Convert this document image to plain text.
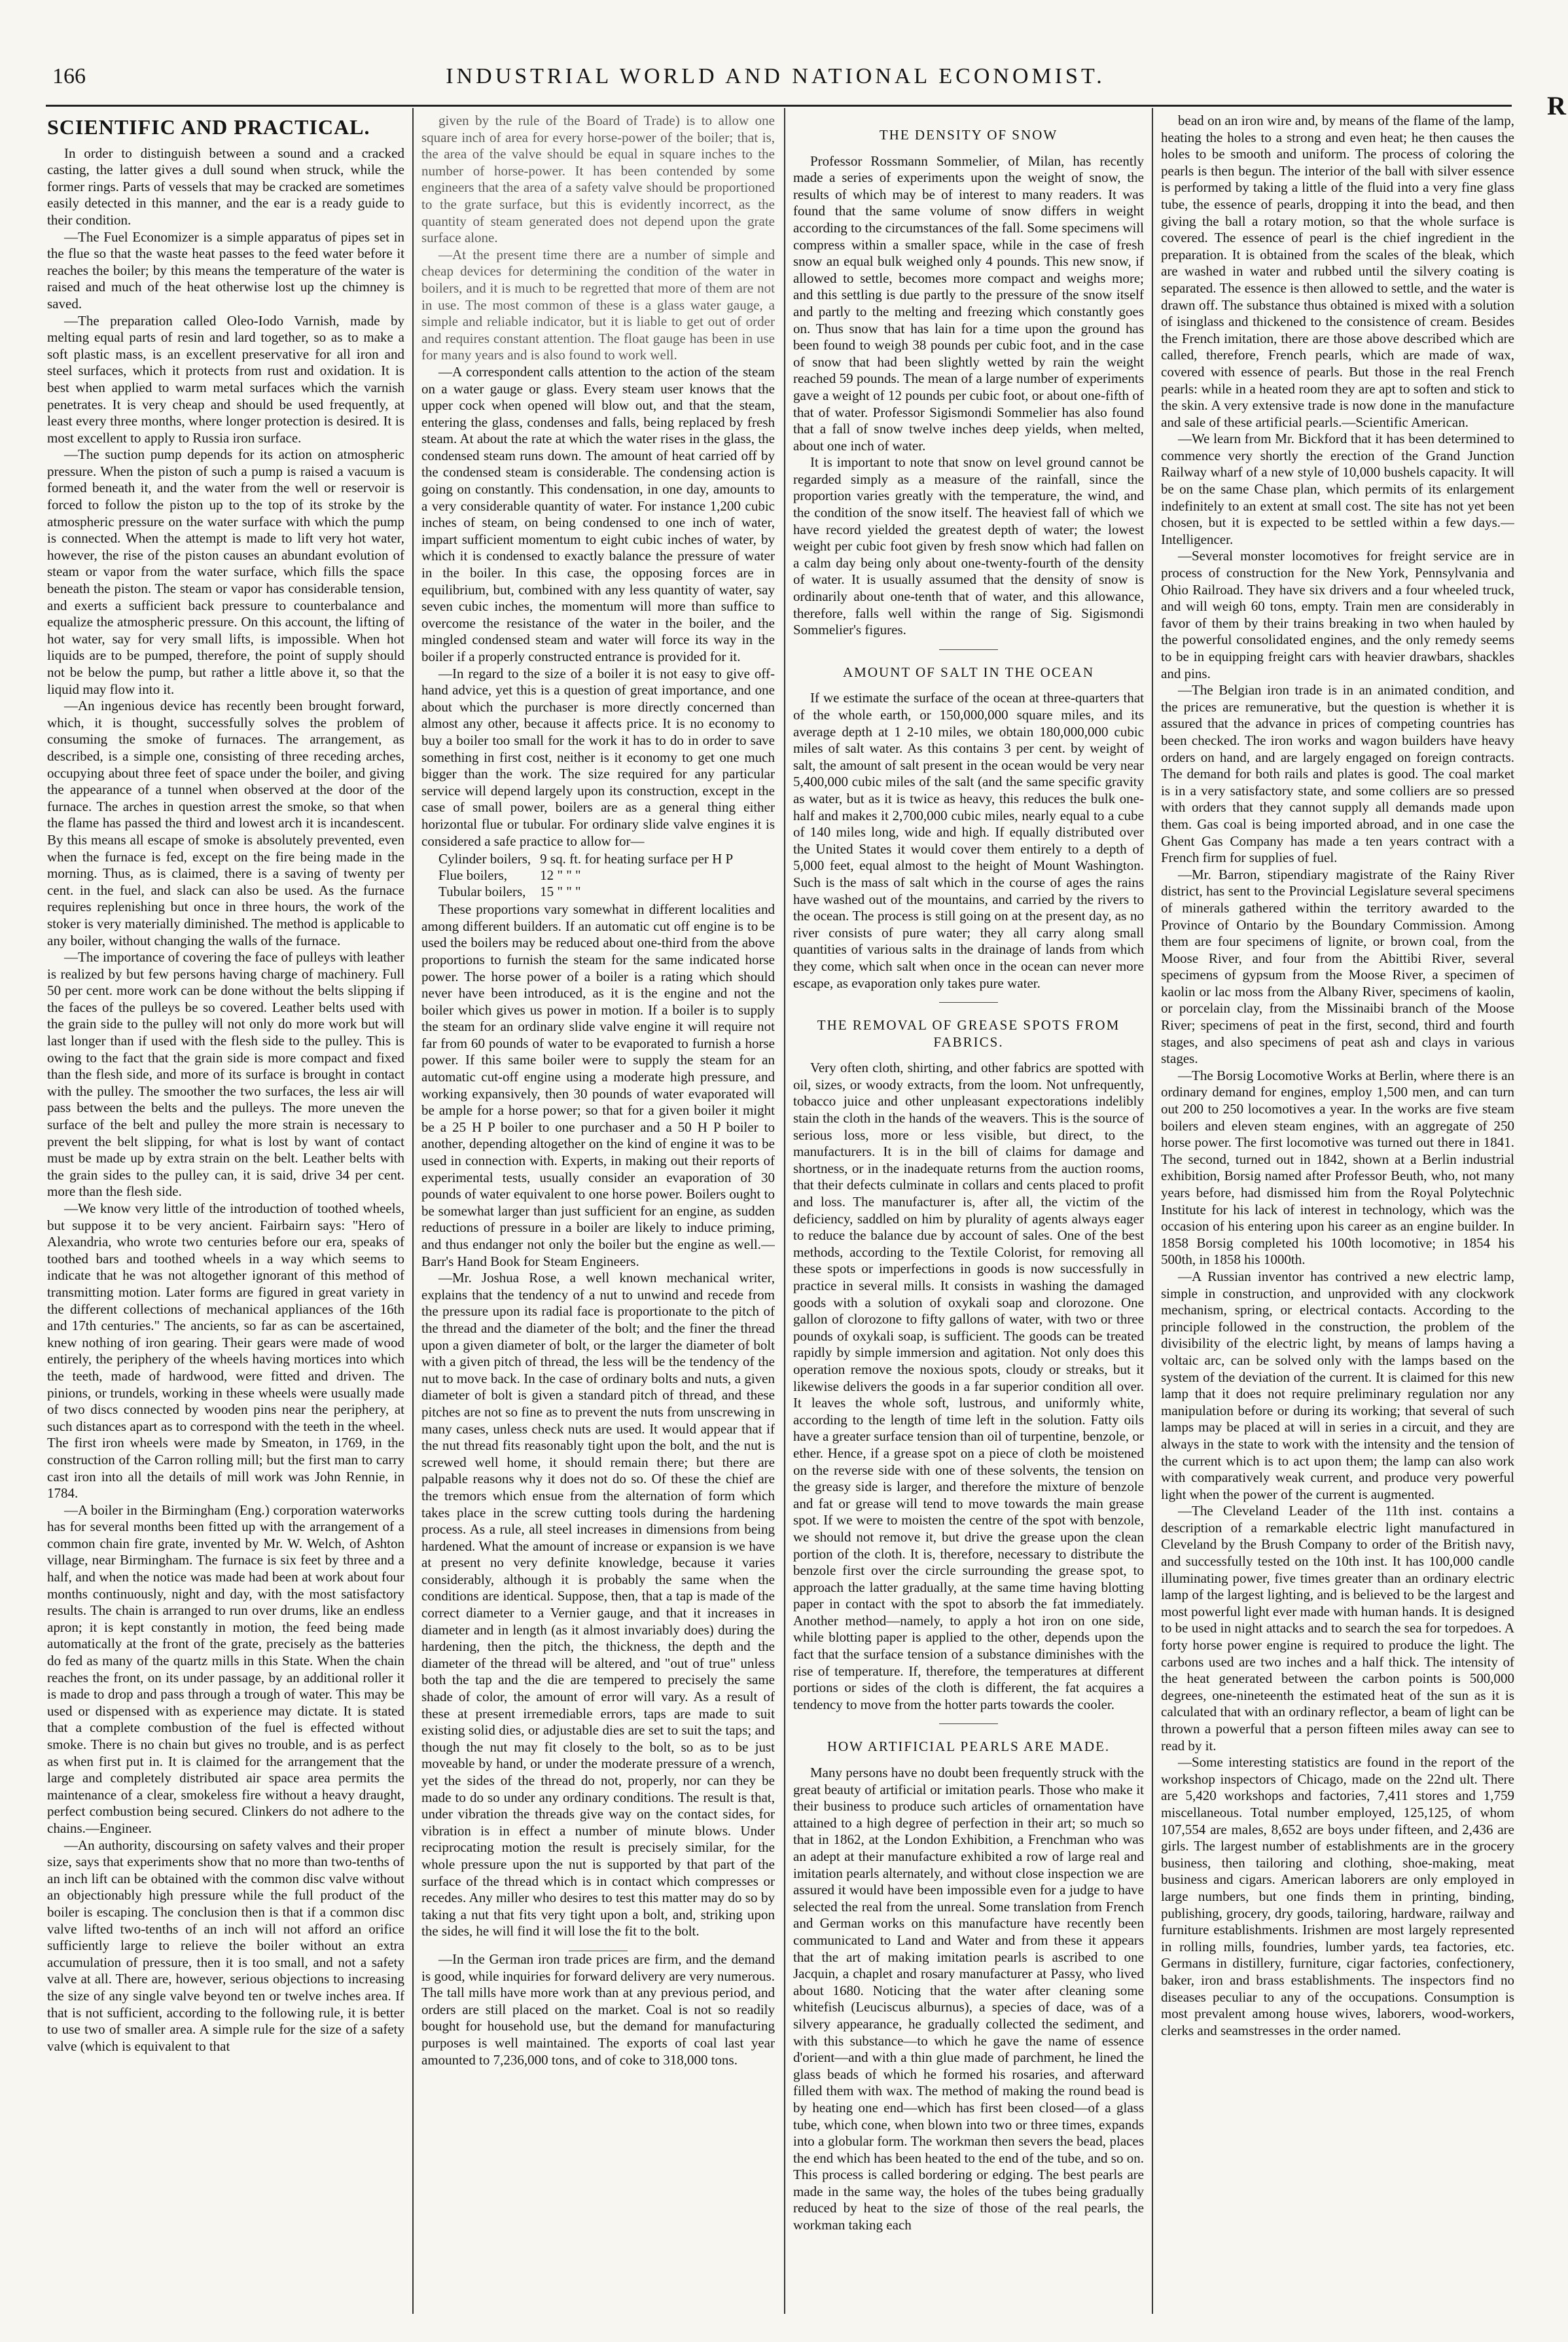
166	INDUSTRIAL WORLD AND NATIONAL ECONOMIST.
R
SCIENTIFIC AND PRACTICAL.

In order to distinguish between a sound and a cracked casting, the latter gives a dull sound when struck, while the former rings. Parts of vessels that may be cracked are sometimes easily detected in this manner, and the ear is a ready guide to their condition.

—The Fuel Economizer is a simple apparatus of pipes set in the flue so that the waste heat passes to the feed water before it reaches the boiler; by this means the temperature of the water is raised and much of the heat otherwise lost up the chimney is saved.

—The preparation called Oleo-Iodo Varnish, made by melting equal parts of resin and lard together, so as to make a soft plastic mass, is an excellent preservative for all iron and steel surfaces, which it protects from rust and oxidation. It is best when applied to warm metal surfaces which the varnish penetrates. It is very cheap and should be used frequently, at least every three months, where longer protection is desired. It is most excellent to apply to Russia iron surface.

—The suction pump depends for its action on atmospheric pressure. When the piston of such a pump is raised a vacuum is formed beneath it, and the water from the well or reservoir is forced to follow the piston up to the top of its stroke by the atmospheric pressure on the water surface with which the pump is connected. When the attempt is made to lift very hot water, however, the rise of the piston causes an abundant evolution of steam or vapor from the water surface, which fills the space beneath the piston. The steam or vapor has considerable tension, and exerts a sufficient back pressure to counterbalance and equalize the atmospheric pressure. On this account, the lifting of hot water, say for very small lifts, is impossible. When hot liquids are to be pumped, therefore, the point of supply should not be below the pump, but rather a little above it, so that the liquid may flow into it.

—An ingenious device has recently been brought forward, which, it is thought, successfully solves the problem of consuming the smoke of furnaces. The arrangement, as described, is a simple one, consisting of three receding arches, occupying about three feet of space under the boiler, and giving the appearance of a tunnel when observed at the door of the furnace. The arches in question arrest the smoke, so that when the flame has passed the third and lowest arch it is incandescent. By this means all escape of smoke is absolutely prevented, even when the furnace is fed, except on the fire being made in the morning. Thus, as is claimed, there is a saving of twenty per cent. in the fuel, and slack can also be used. As the furnace requires replenishing but once in three hours, the work of the stoker is very materially diminished. The method is applicable to any boiler, without changing the walls of the furnace.

—The importance of covering the face of pulleys with leather is realized by but few persons having charge of machinery. Full 50 per cent. more work can be done without the belts slipping if the faces of the pulleys be so covered. Leather belts used with the grain side to the pulley will not only do more work but will last longer than if used with the flesh side to the pulley. This is owing to the fact that the grain side is more compact and fixed than the flesh side, and more of its surface is brought in contact with the pulley. The smoother the two surfaces, the less air will pass between the belts and the pulleys. The more uneven the surface of the belt and pulley the more strain is necessary to prevent the belt slipping, for what is lost by want of contact must be made up by extra strain on the belt. Leather belts with the grain sides to the pulley can, it is said, drive 34 per cent. more than the flesh side.

—We know very little of the introduction of toothed wheels, but suppose it to be very ancient. Fairbairn says: "Hero of Alexandria, who wrote two centuries before our era, speaks of toothed bars and toothed wheels in a way which seems to indicate that he was not altogether ignorant of this method of transmitting motion. Later forms are figured in great variety in the different collections of mechanical appliances of the 16th and 17th centuries." The ancients, so far as can be ascertained, knew nothing of iron gearing. Their gears were made of wood entirely, the periphery of the wheels having mortices into which the teeth, made of hardwood, were fitted and driven. The pinions, or trundels, working in these wheels were usually made of two discs connected by wooden pins near the periphery, at such distances apart as to correspond with the teeth in the wheel. The first iron wheels were made by Smeaton, in 1769, in the construction of the Carron rolling mill; but the first man to carry cast iron into all the details of mill work was John Rennie, in 1784.

—A boiler in the Birmingham (Eng.) corporation waterworks has for several months been fitted up with the arrangement of a common chain fire grate, invented by Mr. W. Welch, of Ashton village, near Birmingham. The furnace is six feet by three and a half, and when the notice was made had been at work about four months continuously, night and day, with the most satisfactory results. The chain is arranged to run over drums, like an endless apron; it is kept constantly in motion, the feed being made automatically at the front of the grate, precisely as the batteries do fed as many of the quartz mills in this State. When the chain reaches the front, on its under passage, by an additional roller it is made to drop and pass through a trough of water. This may be used or dispensed with as experience may dictate. It is stated that a complete combustion of the fuel is effected without smoke. There is no chain but gives no trouble, and is as perfect as when first put in. It is claimed for the arrangement that the large and completely distributed air space area permits the maintenance of a clear, smokeless fire without a heavy draught, perfect combustion being secured. Clinkers do not adhere to the chains.—Engineer.

—An authority, discoursing on safety valves and their proper size, says that experiments show that no more than two-tenths of an inch lift can be obtained with the common disc valve without an objectionably high pressure while the full product of the boiler is escaping. The conclusion then is that if a common disc valve lifted two-tenths of an inch will not afford an orifice sufficiently large to relieve the boiler without an extra accumulation of pressure, then it is too small, and not a safety valve at all. There are, however, serious objections to increasing the size of any single valve beyond ten or twelve inches area. If that is not sufficient, according to the following rule, it is better to use two of smaller area. A simple rule for the size of a safety valve (which is equivalent to that

given by the rule of the Board of Trade) is to allow one square inch of area for every horse-power of the boiler; that is, the area of the valve should be equal in square inches to the number of horse-power. It has been contended by some engineers that the area of a safety valve should be proportioned to the grate surface, but this is evidently incorrect, as the quantity of steam generated does not depend upon the grate surface alone.

—At the present time there are a number of simple and cheap devices for determining the condition of the water in boilers, and it is much to be regretted that more of them are not in use. The most common of these is a glass water gauge, a simple and reliable indicator, but it is liable to get out of order and requires constant attention. The float gauge has been in use for many years and is also found to work well.

—A correspondent calls attention to the action of the steam on a water gauge or glass. Every steam user knows that the upper cock when opened will blow out, and that the steam, entering the glass, condenses and falls, being replaced by fresh steam. At about the rate at which the water rises in the glass, the condensed steam runs down. The amount of heat carried off by the condensed steam is considerable. The condensing action is going on constantly. This condensation, in one day, amounts to a very considerable quantity of water. For instance 1,200 cubic inches of steam, on being condensed to one inch of water, impart sufficient momentum to eight cubic inches of water, by which it is condensed to exactly balance the pressure of water in the boiler. In this case, the opposing forces are in equilibrium, but, combined with any less quantity of water, say seven cubic inches, the momentum will more than suffice to overcome the resistance of the water in the boiler, and the mingled condensed steam and water will force its way in the boiler if a properly constructed entrance is provided for it.

—In regard to the size of a boiler it is not easy to give off-hand advice, yet this is a question of great importance, and one about which the purchaser is more directly concerned than almost any other, because it affects price. It is no economy to buy a boiler too small for the work it has to do in order to save something in first cost, neither is it economy to get one much bigger than the work. The size required for any particular service will depend largely upon its construction, except in the case of small power, boilers are as a general thing either horizontal flue or tubular. For ordinary slide valve engines it is considered a safe practice to allow for—

Cylinder boilers,	9 sq. ft. for heating surface per H P
Flue boilers,	12 " " "
Tubular boilers,	15 " " "

These proportions vary somewhat in different localities and among different builders. If an automatic cut off engine is to be used the boilers may be reduced about one-third from the above proportions to furnish the steam for the same indicated horse power. The horse power of a boiler is a rating which should never have been introduced, as it is the engine and not the boiler which gives us power in motion. If a boiler is to supply the steam for an ordinary slide valve engine it will require not far from 60 pounds of water to be evaporated to furnish a horse power. If this same boiler were to supply the steam for an automatic cut-off engine using a moderate high pressure, and working expansively, then 30 pounds of water evaporated will be ample for a horse power; so that for a given boiler it might be a 25 H P boiler to one purchaser and a 50 H P boiler to another, depending altogether on the kind of engine it was to be used in connection with. Experts, in making out their reports of experimental tests, usually consider an evaporation of 30 pounds of water equivalent to one horse power. Boilers ought to be somewhat larger than just sufficient for an engine, as sudden reductions of pressure in a boiler are likely to induce priming, and thus endanger not only the boiler but the engine as well.—Barr's Hand Book for Steam Engineers.

—Mr. Joshua Rose, a well known mechanical writer, explains that the tendency of a nut to unwind and recede from the pressure upon its radial face is proportionate to the pitch of the thread and the diameter of the bolt; and the finer the thread upon a given diameter of bolt, or the larger the diameter of bolt with a given pitch of thread, the less will be the tendency of the nut to move back. In the case of ordinary bolts and nuts, a given diameter of bolt is given a standard pitch of thread, and these pitches are not so fine as to prevent the nuts from unscrewing in many cases, unless check nuts are used. It would appear that if the nut thread fits reasonably tight upon the bolt, and the nut is screwed well home, it should remain there; but there are palpable reasons why it does not do so. Of these the chief are the tremors which ensue from the alternation of form which takes place in the screw cutting tools during the hardening process. As a rule, all steel increases in dimensions from being hardened. What the amount of increase or expansion is we have at present no very definite knowledge, because it varies considerably, although it is probably the same when the conditions are identical. Suppose, then, that a tap is made of the correct diameter to a Vernier gauge, and that it increases in diameter and in length (as it almost invariably does) during the hardening, then the pitch, the thickness, the depth and the diameter of the thread will be altered, and "out of true" unless both the tap and the die are tempered to precisely the same shade of color, the amount of error will vary. As a result of these at present irremediable errors, taps are made to suit existing solid dies, or adjustable dies are set to suit the taps; and though the nut may fit closely to the bolt, so as to be just moveable by hand, or under the moderate pressure of a wrench, yet the sides of the thread do not, properly, nor can they be made to do so under any ordinary conditions. The result is that, under vibration the threads give way on the contact sides, for vibration is in effect a number of minute blows. Under reciprocating motion the result is precisely similar, for the whole pressure upon the nut is supported by that part of the surface of the thread which is in contact which compresses or recedes. Any miller who desires to test this matter may do so by taking a nut that fits very tight upon a bolt, and, striking upon the sides, he will find it will lose the fit to the bolt.

—In the German iron trade prices are firm, and the demand is good, while inquiries for forward delivery are very numerous. The tall mills have more work than at any previous period, and orders are still placed on the market. Coal is not so readily bought for household use, but the demand for manufacturing purposes is well maintained. The exports of coal last year amounted to 7,236,000 tons, and of coke to 318,000 tons.

THE DENSITY OF SNOW

Professor Rossmann Sommelier, of Milan, has recently made a series of experiments upon the weight of snow, the results of which may be of interest to many readers. It was found that the same volume of snow differs in weight according to the circumstances of the fall. Some specimens will compress within a smaller space, while in the case of fresh snow an equal bulk weighed only 4 pounds. This new snow, if allowed to settle, becomes more compact and weighs more; and this settling is due partly to the pressure of the snow itself and partly to the melting and freezing which constantly goes on. Thus snow that has lain for a time upon the ground has been found to weigh 38 pounds per cubic foot, and in the case of snow that had been slightly wetted by rain the weight reached 59 pounds. The mean of a large number of experiments gave a weight of 12 pounds per cubic foot, or about one-fifth of that of water. Professor Sigismondi Sommelier has also found that a fall of snow twelve inches deep yields, when melted, about one inch of water.

It is important to note that snow on level ground cannot be regarded simply as a measure of the rainfall, since the proportion varies greatly with the temperature, the wind, and the condition of the snow itself. The heaviest fall of which we have record yielded the greatest depth of water; the lowest weight per cubic foot given by fresh snow which had fallen on a calm day being only about one-twenty-fourth of the density of water. It is usually assumed that the density of snow is ordinarily about one-tenth that of water, and this allowance, therefore, falls well within the range of Sig. Sigismondi Sommelier's figures.

AMOUNT OF SALT IN THE OCEAN

If we estimate the surface of the ocean at three-quarters that of the whole earth, or 150,000,000 square miles, and its average depth at 1 2-10 miles, we obtain 180,000,000 cubic miles of salt water. As this contains 3 per cent. by weight of salt, the amount of salt present in the ocean would be very near 5,400,000 cubic miles of the salt (and the same specific gravity as water, but as it is twice as heavy, this reduces the bulk one-half and makes it 2,700,000 cubic miles, nearly equal to a cube of 140 miles long, wide and high. If equally distributed over the United States it would cover them entirely to a depth of 5,000 feet, equal almost to the height of Mount Washington. Such is the mass of salt which in the course of ages the rains have washed out of the mountains, and carried by the rivers to the ocean. The process is still going on at the present day, as no river consists of pure water; they all carry along small quantities of various salts in the drainage of lands from which they come, which salt when once in the ocean can never more escape, as evaporation only takes pure water.

THE REMOVAL OF GREASE SPOTS FROM FABRICS.

Very often cloth, shirting, and other fabrics are spotted with oil, sizes, or woody extracts, from the loom. Not unfrequently, tobacco juice and other unpleasant expectorations indelibly stain the cloth in the hands of the weavers. This is the source of serious loss, more or less visible, but direct, to the manufacturers. It is in the bill of claims for damage and shortness, or in the inadequate returns from the auction rooms, that their defects culminate in collars and cents placed to profit and loss. The manufacturer is, after all, the victim of the deficiency, saddled on him by plurality of agents always eager to reduce the balance due by account of sales. One of the best methods, according to the Textile Colorist, for removing all these spots or imperfections in goods is now successfully in practice in several mills. It consists in washing the damaged goods with a solution of oxykali soap and clorozone. One gallon of clorozone to fifty gallons of water, with two or three pounds of oxykali soap, is sufficient. The goods can be treated rapidly by simple immersion and agitation. Not only does this operation remove the noxious spots, cloudy or streaks, but it likewise delivers the goods in a far superior condition all over. It leaves the whole soft, lustrous, and uniformly white, according to the length of time left in the solution. Fatty oils have a greater surface tension than oil of turpentine, benzole, or ether. Hence, if a grease spot on a piece of cloth be moistened on the reverse side with one of these solvents, the tension on the greasy side is larger, and therefore the mixture of benzole and fat or grease will tend to move towards the main grease spot. If we were to moisten the centre of the spot with benzole, we should not remove it, but drive the grease upon the clean portion of the cloth. It is, therefore, necessary to distribute the benzole first over the circle surrounding the grease spot, to approach the latter gradually, at the same time having blotting paper in contact with the spot to absorb the fat immediately. Another method—namely, to apply a hot iron on one side, while blotting paper is applied to the other, depends upon the fact that the surface tension of a substance diminishes with the rise of temperature. If, therefore, the temperatures at different portions or sides of the cloth is different, the fat acquires a tendency to move from the hotter parts towards the cooler.

HOW ARTIFICIAL PEARLS ARE MADE.

Many persons have no doubt been frequently struck with the great beauty of artificial or imitation pearls. Those who make it their business to produce such articles of ornamentation have attained to a high degree of perfection in their art; so much so that in 1862, at the London Exhibition, a Frenchman who was an adept at their manufacture exhibited a row of large real and imitation pearls alternately, and without close inspection we are assured it would have been impossible even for a judge to have selected the real from the unreal. Some translation from French and German works on this manufacture have recently been communicated to Land and Water and from these it appears that the art of making imitation pearls is ascribed to one Jacquin, a chaplet and rosary manufacturer at Passy, who lived about 1680. Noticing that the water after cleaning some whitefish (Leuciscus alburnus), a species of dace, was of a silvery appearance, he gradually collected the sediment, and with this substance—to which he gave the name of essence d'orient—and with a thin glue made of parchment, he lined the glass beads of which he formed his rosaries, and afterward filled them with wax. The method of making the round bead is by heating one end—which has first been closed—of a glass tube, which cone, when blown into two or three times, expands into a globular form. The workman then severs the bead, places the end which has been heated to the end of the tube, and so on. This process is called bordering or edging. The best pearls are made in the same way, the holes of the tubes being gradually reduced by heat to the size of those of the real pearls, the workman taking each

bead on an iron wire and, by means of the flame of the lamp, heating the holes to a strong and even heat; he then causes the holes to be smooth and uniform. The process of coloring the pearls is then begun. The interior of the ball with silver essence is performed by taking a little of the fluid into a very fine glass tube, the essence of pearls, dropping it into the bead, and then giving the ball a rotary motion, so that the whole surface is covered. The essence of pearl is the chief ingredient in the preparation. It is obtained from the scales of the bleak, which are washed in water and rubbed until the silvery coating is separated. The essence is then allowed to settle, and the water is drawn off. The substance thus obtained is mixed with a solution of isinglass and thickened to the consistence of cream. Besides the French imitation, there are those above described which are called, therefore, French pearls, which are made of wax, covered with essence of pearls. But those in the real French pearls: while in a heated room they are apt to soften and stick to the skin. A very extensive trade is now done in the manufacture and sale of these artificial pearls.—Scientific American.

—We learn from Mr. Bickford that it has been determined to commence very shortly the erection of the Grand Junction Railway wharf of a new style of 10,000 bushels capacity. It will be on the same Chase plan, which permits of its enlargement indefinitely to an extent at small cost. The site has not yet been chosen, but it is expected to be settled within a few days.—Intelligencer.

—Several monster locomotives for freight service are in process of construction for the New York, Pennsylvania and Ohio Railroad. They have six drivers and a four wheeled truck, and will weigh 60 tons, empty. Train men are considerably in favor of them by their trains breaking in two when hauled by the powerful consolidated engines, and the only remedy seems to be in equipping freight cars with heavier drawbars, shackles and pins.

—The Belgian iron trade is in an animated condition, and the prices are remunerative, but the question is whether it is assured that the advance in prices of competing countries has been checked. The iron works and wagon builders have heavy orders on hand, and are largely engaged on foreign contracts. The demand for both rails and plates is good. The coal market is in a very satisfactory state, and some colliers are so pressed with orders that they cannot supply all demands made upon them. Gas coal is being imported abroad, and in one case the Ghent Gas Company has made a ten years contract with a French firm for supplies of fuel.

—Mr. Barron, stipendiary magistrate of the Rainy River district, has sent to the Provincial Legislature several specimens of minerals gathered within the territory awarded to the Province of Ontario by the Boundary Commission. Among them are four specimens of lignite, or brown coal, from the Moose River, and four from the Abittibi River, several specimens of gypsum from the Moose River, a specimen of kaolin or lac moss from the Albany River, specimens of kaolin, or porcelain clay, from the Missinaibi branch of the Moose River; specimens of peat in the first, second, third and fourth stages, and also specimens of peat ash and clays in various stages.

—The Borsig Locomotive Works at Berlin, where there is an ordinary demand for engines, employ 1,500 men, and can turn out 200 to 250 locomotives a year. In the works are five steam boilers and eleven steam engines, with an aggregate of 250 horse power. The first locomotive was turned out there in 1841. The second, turned out in 1842, shown at a Berlin industrial exhibition, Borsig named after Professor Beuth, who, not many years before, had dismissed him from the Royal Polytechnic Institute for his lack of interest in technology, which was the occasion of his entering upon his career as an engine builder. In 1858 Borsig completed his 100th locomotive; in 1854 his 500th, in 1858 his 1000th.

—A Russian inventor has contrived a new electric lamp, simple in construction, and unprovided with any clockwork mechanism, spring, or electrical contacts. According to the principle followed in the construction, the problem of the divisibility of the electric light, by means of lamps having a voltaic arc, can be solved only with the lamps based on the system of the deviation of the current. It is claimed for this new lamp that it does not require preliminary regulation nor any manipulation before or during its working; that several of such lamps may be placed at will in series in a circuit, and they are always in the state to work with the intensity and the tension of the current which is to act upon them; the lamp can also work with comparatively weak current, and produce very powerful light when the power of the current is augmented.

—The Cleveland Leader of the 11th inst. contains a description of a remarkable electric light manufactured in Cleveland by the Brush Company to order of the British navy, and successfully tested on the 10th inst. It has 100,000 candle illuminating power, five times greater than an ordinary electric lamp of the largest lighting, and is believed to be the largest and most powerful light ever made with human hands. It is designed to be used in night attacks and to search the sea for torpedoes. A forty horse power engine is required to produce the light. The carbons used are two inches and a half thick. The intensity of the heat generated between the carbon points is 500,000 degrees, one-nineteenth the estimated heat of the sun as it is calculated that with an ordinary reflector, a beam of light can be thrown a powerful that a person fifteen miles away can see to read by it.

—Some interesting statistics are found in the report of the workshop inspectors of Chicago, made on the 22nd ult. There are 5,420 workshops and factories, 7,411 stores and 1,759 miscellaneous. Total number employed, 125,125, of whom 107,554 are males, 8,652 are boys under fifteen, and 2,436 are girls. The largest number of establishments are in the grocery business, then tailoring and clothing, shoe-making, meat business and cigars. American laborers are only employed in large numbers, but one finds them in printing, binding, publishing, grocery, dry goods, tailoring, hardware, railway and furniture establishments. Irishmen are most largely represented in rolling mills, foundries, lumber yards, tea factories, etc. Germans in distillery, furniture, cigar factories, confectionery, baker, iron and brass establishments. The inspectors find no diseases peculiar to any of the occupations. Consumption is most prevalent among house wives, laborers, wood-workers, clerks and seamstresses in the order named.
